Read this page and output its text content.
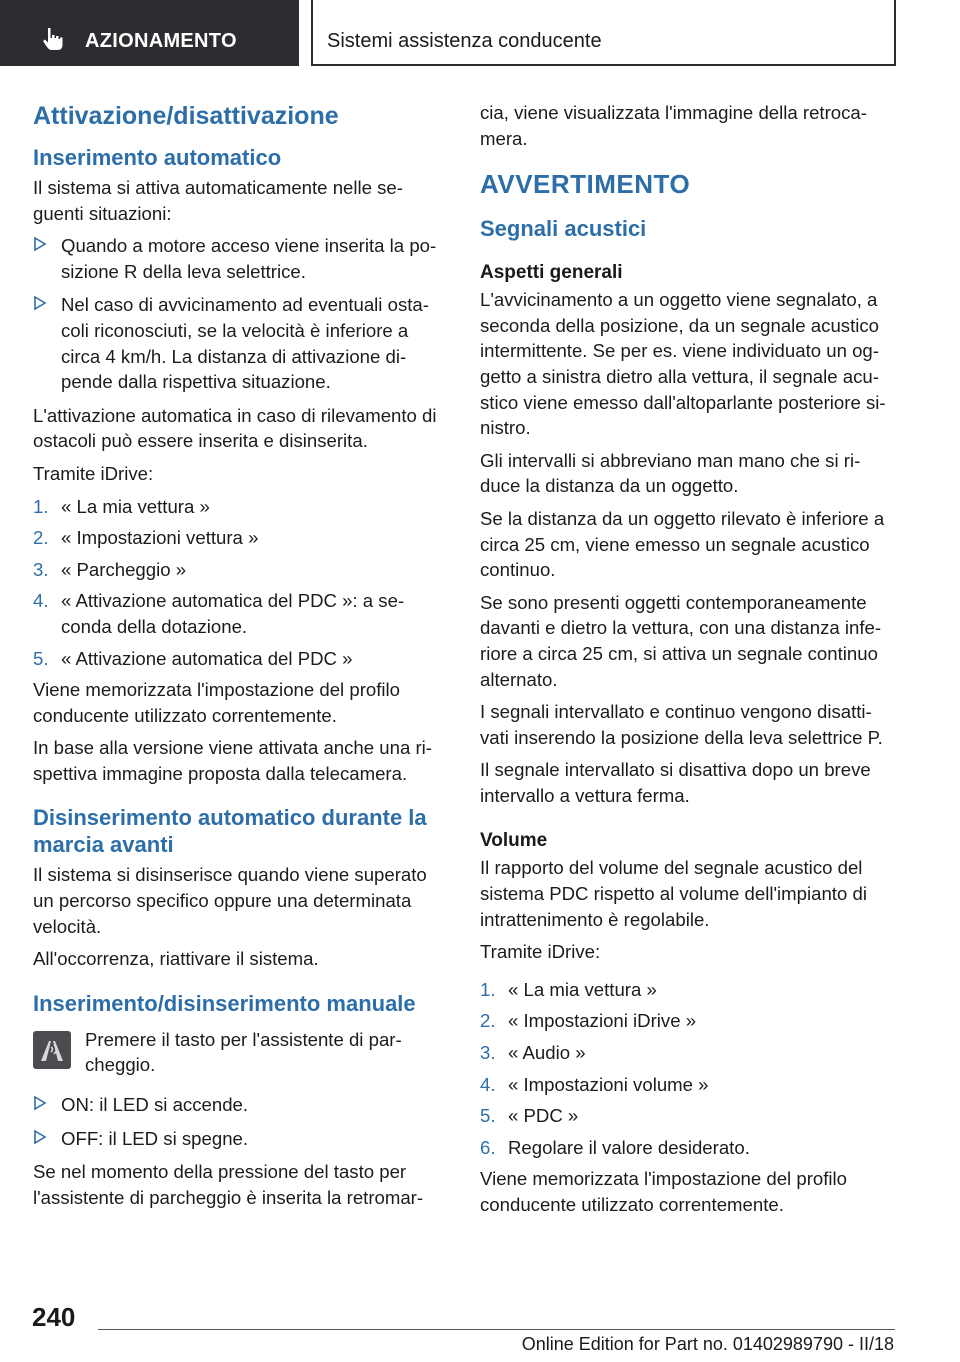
AZIONAMENTO	Sistemi assistenza conducente
Attivazione/disattivazione
Inserimento automatico

Il sistema si attiva automaticamente nelle se-guenti situazioni:

Quando a motore acceso viene inserita la po-sizione R della leva selettrice.
Nel caso di avvicinamento ad eventuali osta-coli riconosciuti, se la velocità è inferiore a circa 4 km/h. La distanza di attivazione di-pende dalla rispettiva situazione.

L'attivazione automatica in caso di rilevamento di ostacoli può essere inserita e disinserita.

Tramite iDrive:

1. « La mia vettura »
2. « Impostazioni vettura »
3. « Parcheggio »
4. « Attivazione automatica del PDC »: a se-conda della dotazione.
5. « Attivazione automatica del PDC »

Viene memorizzata l'impostazione del profilo conducente utilizzato correntemente.

In base alla versione viene attivata anche una ri-spettiva immagine proposta dalla telecamera.

Disinserimento automatico durante la marcia avanti

Il sistema si disinserisce quando viene superato un percorso specifico oppure una determinata velocità.

All'occorrenza, riattivare il sistema.

Inserimento/disinserimento manuale

Premere il tasto per l'assistente di par-cheggio.

ON: il LED si accende.
OFF: il LED si spegne.

Se nel momento della pressione del tasto per l'assistente di parcheggio è inserita la retromar-

cia, viene visualizzata l'immagine della retroca-mera.

AVVERTIMENTO
Segnali acustici
Aspetti generali

L'avvicinamento a un oggetto viene segnalato, a seconda della posizione, da un segnale acustico intermittente. Se per es. viene individuato un og-getto a sinistra dietro alla vettura, il segnale acu-stico viene emesso dall'altoparlante posteriore si-nistro.

Gli intervalli si abbreviano man mano che si ri-duce la distanza da un oggetto.

Se la distanza da un oggetto rilevato è inferiore a circa 25 cm, viene emesso un segnale acustico continuo.

Se sono presenti oggetti contemporaneamente davanti e dietro la vettura, con una distanza infe-riore a circa 25 cm, si attiva un segnale continuo alternato.

I segnali intervallato e continuo vengono disatti-vati inserendo la posizione della leva selettrice P.

Il segnale intervallato si disattiva dopo un breve intervallo a vettura ferma.

Volume

Il rapporto del volume del segnale acustico del sistema PDC rispetto al volume dell'impianto di intrattenimento è regolabile.

Tramite iDrive:

1. « La mia vettura »
2. « Impostazioni iDrive »
3. « Audio »
4. « Impostazioni volume »
5. « PDC »
6. Regolare il valore desiderato.

Viene memorizzata l'impostazione del profilo conducente utilizzato correntemente.

240
Online Edition for Part no. 01402989790 - II/18
